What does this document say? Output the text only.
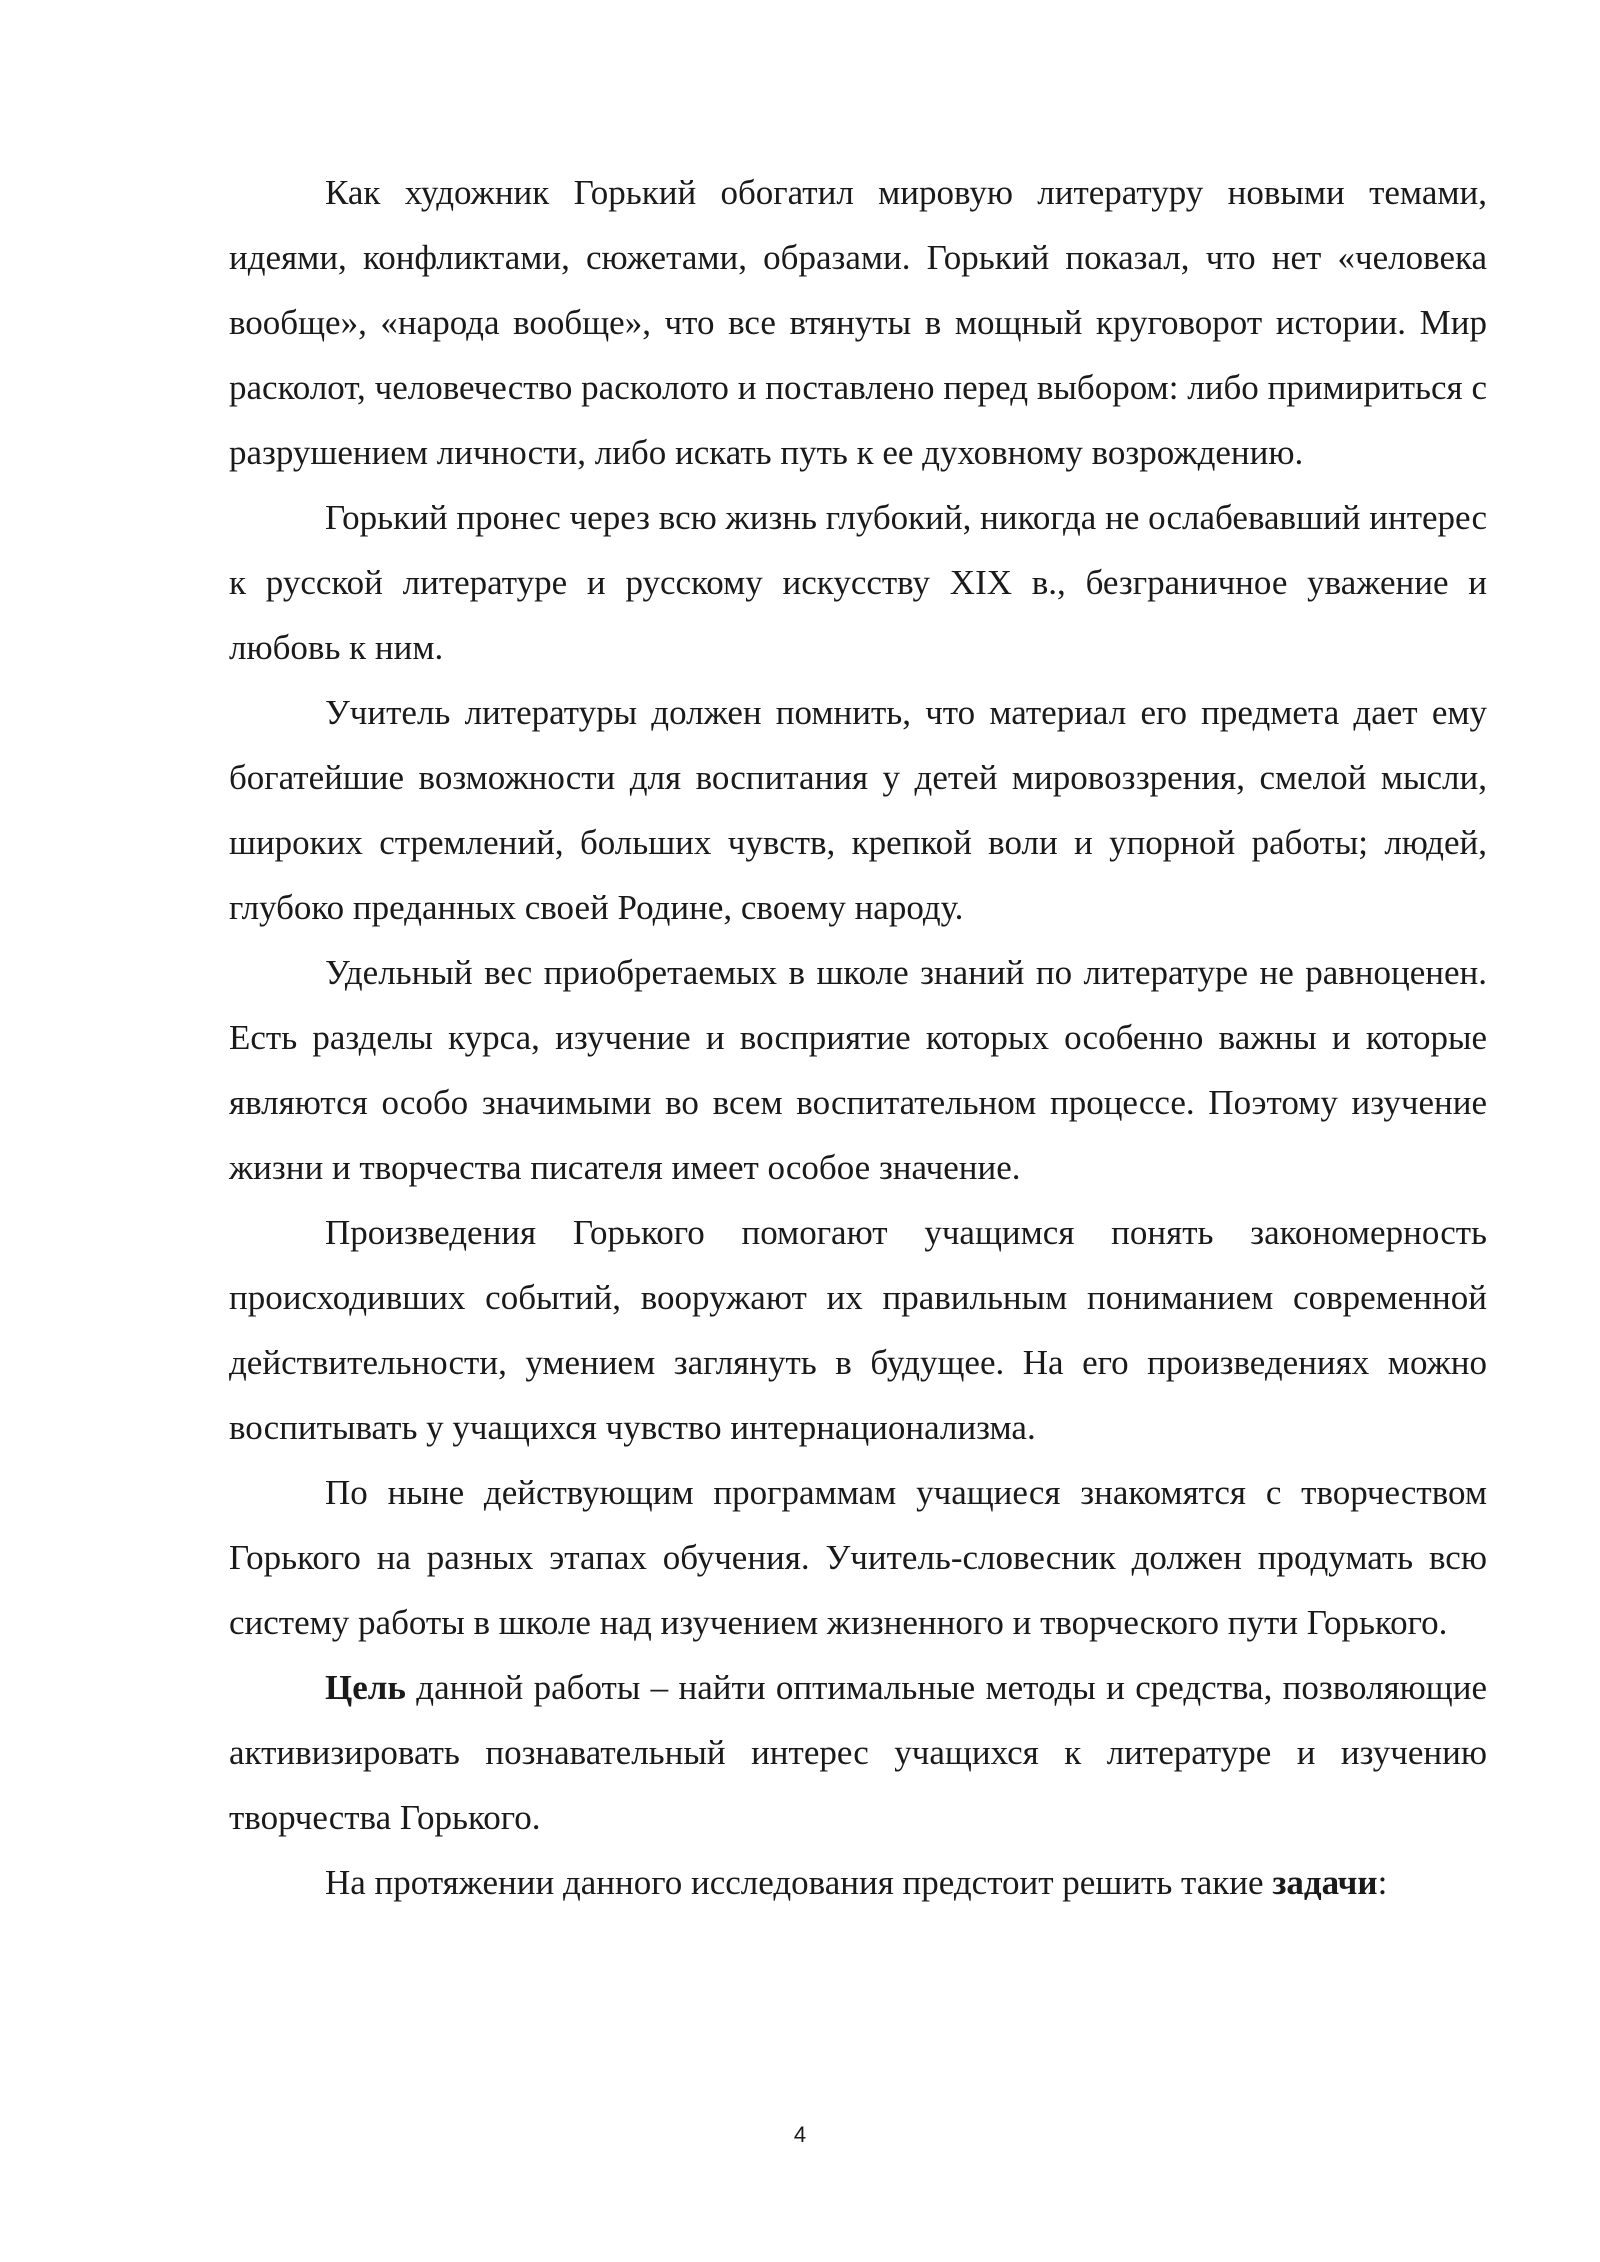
Как художник Горький обогатил мировую литературу новыми темами, идеями, конфликтами, сюжетами, образами. Горький показал, что нет «человека вообще», «народа вообще», что все втянуты в мощный круговорот истории. Мир расколот, человечество расколото и поставлено перед выбором: либо примириться с разрушением личности, либо искать путь к ее духовному возрождению.

Горький пронес через всю жизнь глубокий, никогда не ослабевавший интерес к русской литературе и русскому искусству XIX в., безграничное уважение и любовь к ним.

Учитель литературы должен помнить, что материал его предмета дает ему богатейшие возможности для воспитания у детей мировоззрения, смелой мысли, широких стремлений, больших чувств, крепкой воли и упорной работы; людей, глубоко преданных своей Родине, своему народу.

Удельный вес приобретаемых в школе знаний по литературе не равноценен. Есть разделы курса, изучение и восприятие которых особенно важны и которые являются особо значимыми во всем воспитательном процессе. Поэтому изучение жизни и творчества писателя имеет особое значение.

Произведения Горького помогают учащимся понять закономерность происходивших событий, вооружают их правильным пониманием современной действительности, умением заглянуть в будущее. На его произведениях можно воспитывать у учащихся чувство интернационализма.

По ныне действующим программам учащиеся знакомятся с творчеством Горького на разных этапах обучения. Учитель-словесник должен продумать всю систему работы в школе над изучением жизненного и творческого пути Горького.

Цель данной работы – найти оптимальные методы и средства, позволяющие активизировать познавательный интерес учащихся к литературе и изучению творчества Горького.

На протяжении данного исследования предстоит решить такие задачи:

4
